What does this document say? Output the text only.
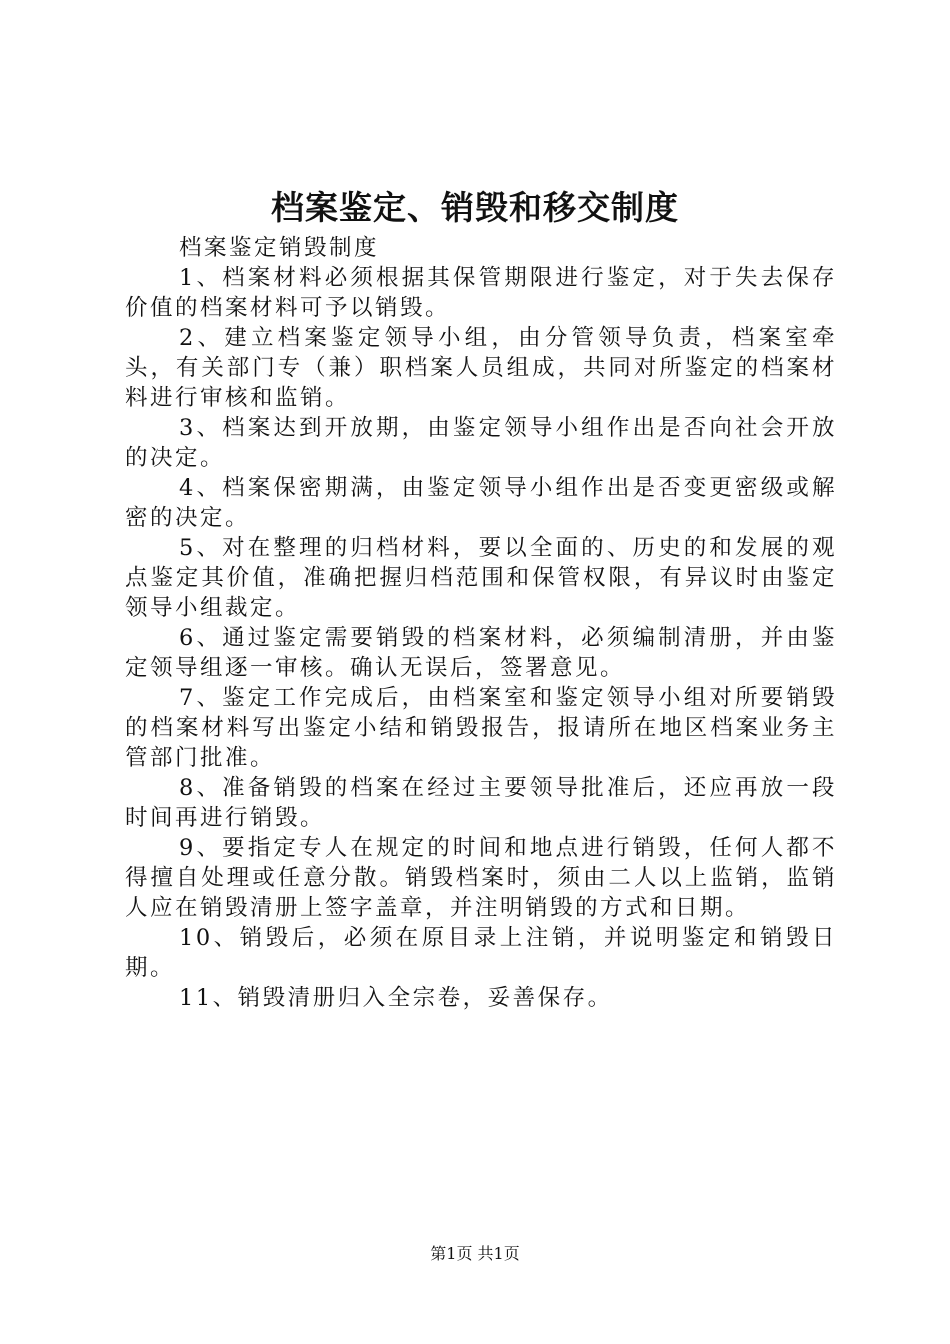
档案鉴定、销毁和移交制度

档案鉴定销毁制度

1、档案材料必须根据其保管期限进行鉴定，对于失去保存价值的档案材料可予以销毁。

2、建立档案鉴定领导小组，由分管领导负责，档案室牵头，有关部门专（兼）职档案人员组成，共同对所鉴定的档案材料进行审核和监销。

3、档案达到开放期，由鉴定领导小组作出是否向社会开放的决定。

4、档案保密期满，由鉴定领导小组作出是否变更密级或解密的决定。

5、对在整理的归档材料，要以全面的、历史的和发展的观点鉴定其价值，准确把握归档范围和保管权限，有异议时由鉴定领导小组裁定。

6、通过鉴定需要销毁的档案材料，必须编制清册，并由鉴定领导组逐一审核。确认无误后，签署意见。

7、鉴定工作完成后，由档案室和鉴定领导小组对所要销毁的档案材料写出鉴定小结和销毁报告，报请所在地区档案业务主管部门批准。

8、准备销毁的档案在经过主要领导批准后，还应再放一段时间再进行销毁。

9、要指定专人在规定的时间和地点进行销毁，任何人都不得擅自处理或任意分散。销毁档案时，须由二人以上监销，监销人应在销毁清册上签字盖章，并注明销毁的方式和日期。

10、销毁后，必须在原目录上注销，并说明鉴定和销毁日期。

11、销毁清册归入全宗卷，妥善保存。

第1页 共1页
